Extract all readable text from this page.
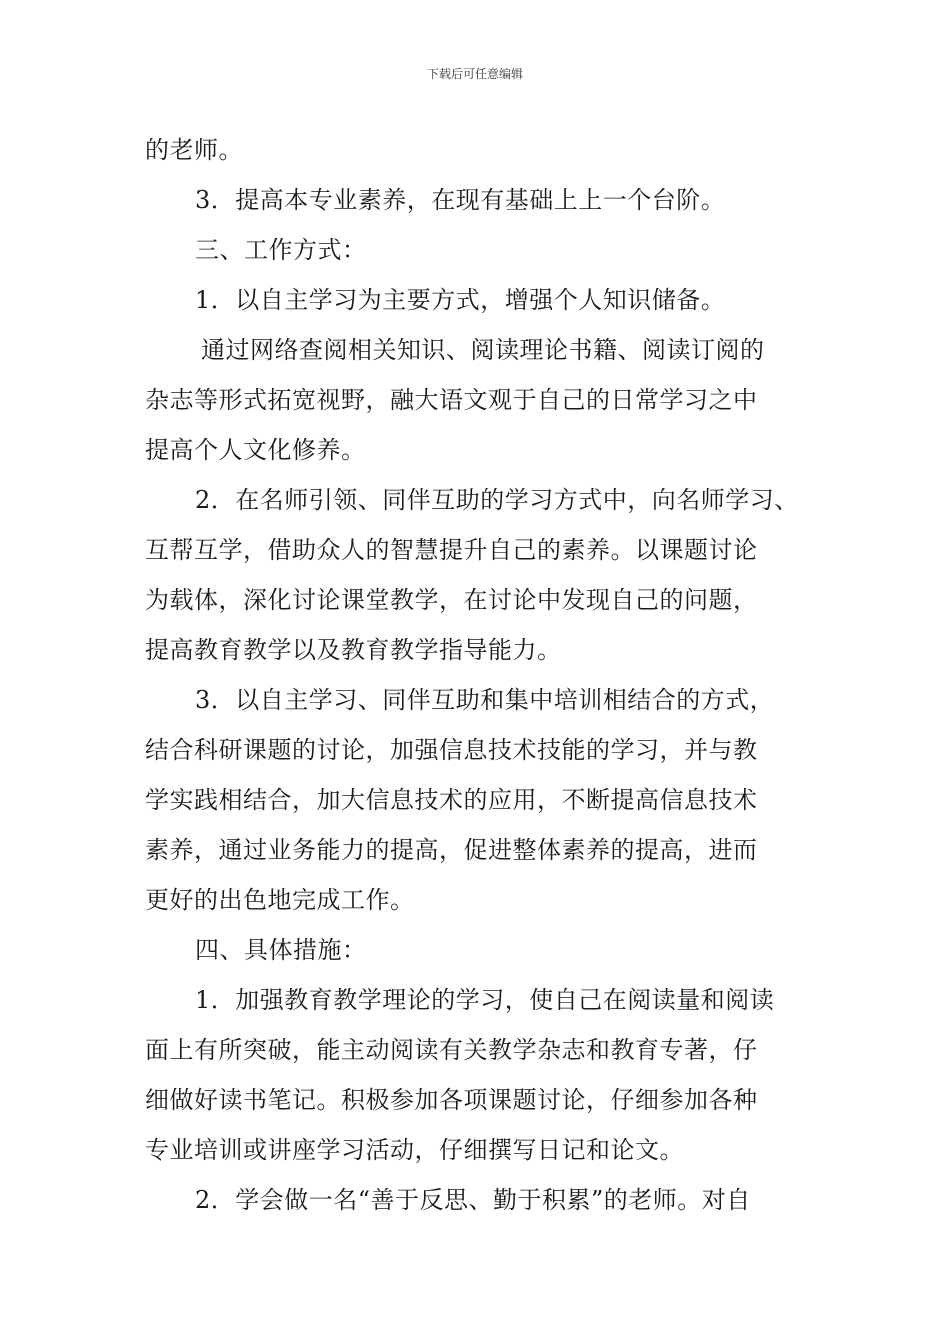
下载后可任意编辑
的老师。
3．提高本专业素养，在现有基础上上一个台阶。
三、工作方式：
1．以自主学习为主要方式，增强个人知识储备。
通过网络查阅相关知识、阅读理论书籍、阅读订阅的
杂志等形式拓宽视野，融大语文观于自己的日常学习之中
提高个人文化修养。
2．在名师引领、同伴互助的学习方式中，向名师学习、
互帮互学，借助众人的智慧提升自己的素养。以课题讨论
为载体，深化讨论课堂教学，在讨论中发现自己的问题，
提高教育教学以及教育教学指导能力。
3．以自主学习、同伴互助和集中培训相结合的方式，
结合科研课题的讨论，加强信息技术技能的学习，并与教
学实践相结合，加大信息技术的应用，不断提高信息技术
素养，通过业务能力的提高，促进整体素养的提高，进而
更好的出色地完成工作。
四、具体措施：
1．加强教育教学理论的学习，使自己在阅读量和阅读
面上有所突破，能主动阅读有关教学杂志和教育专著，仔
细做好读书笔记。积极参加各项课题讨论，仔细参加各种
专业培训或讲座学习活动，仔细撰写日记和论文。
2．学会做一名“善于反思、勤于积累”的老师。对自
